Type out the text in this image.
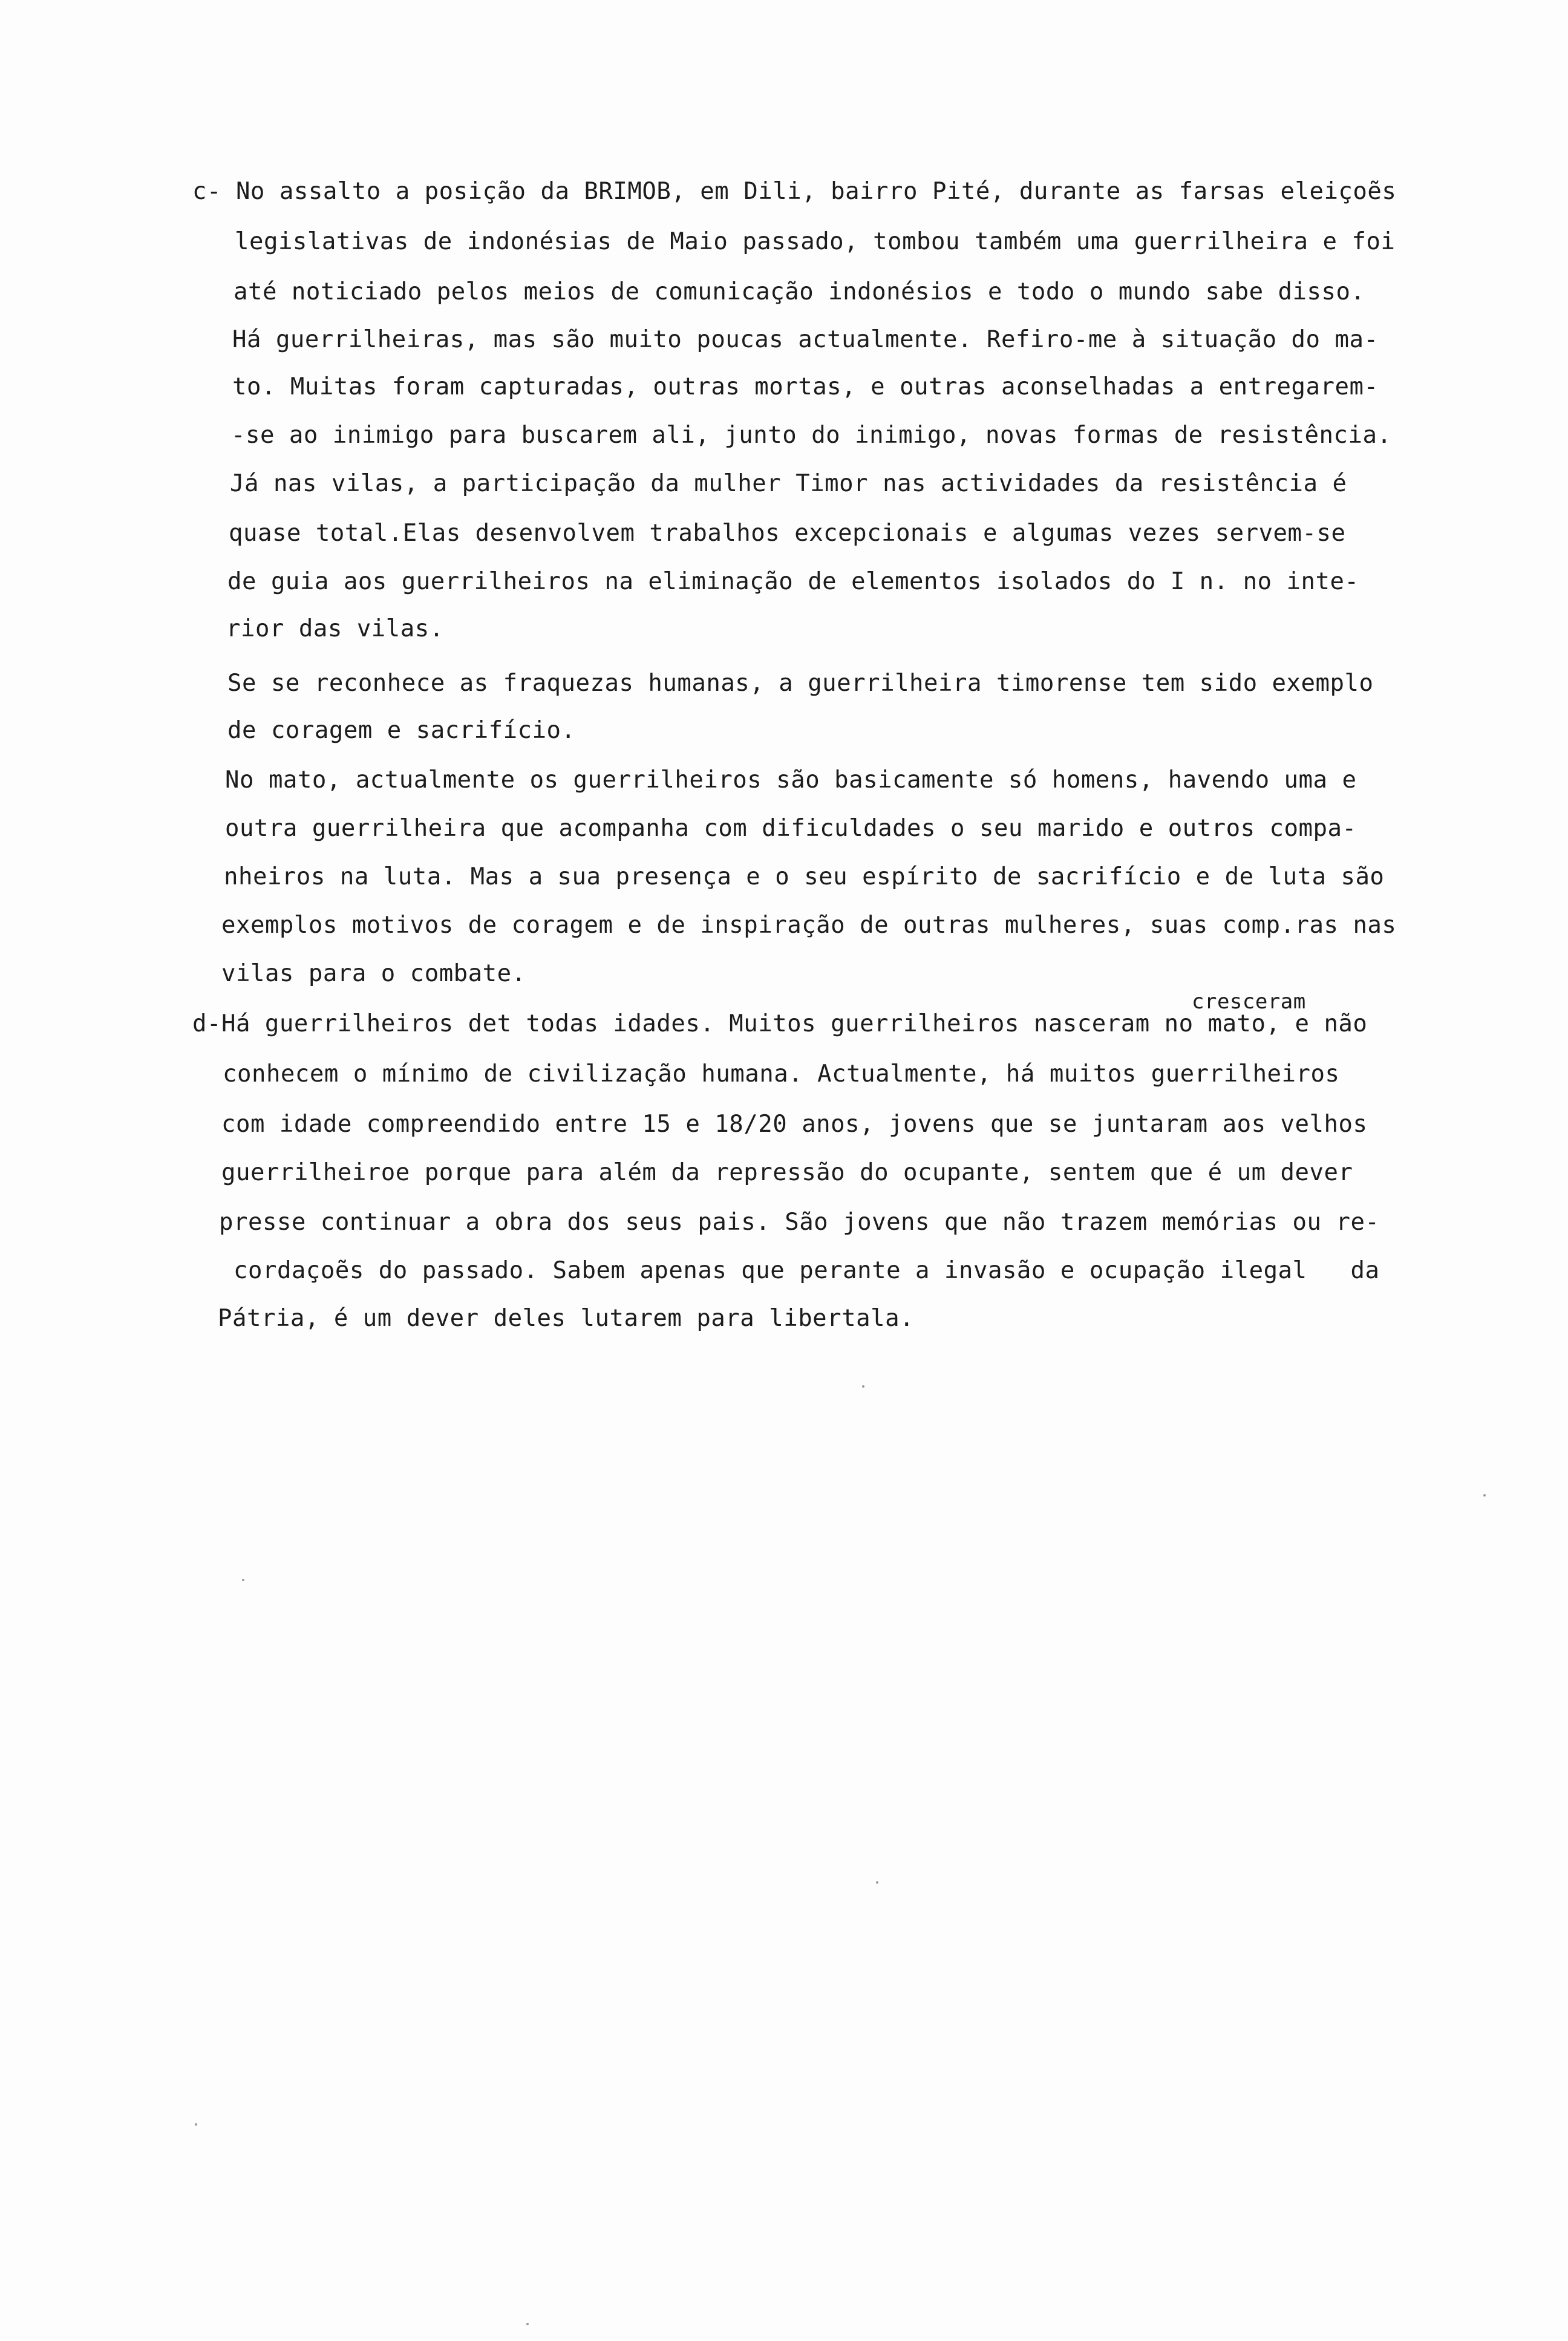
c- No assalto a posição da BRIMOB, em Dili, bairro Pité, durante as farsas eleiçoẽs
legislativas de indonésias de Maio passado, tombou também uma guerrilheira e foi
até noticiado pelos meios de comunicação indonésios e todo o mundo sabe disso.
Há guerrilheiras, mas são muito poucas actualmente. Refiro-me à situação do ma-
to. Muitas foram capturadas, outras mortas, e outras aconselhadas a entregarem-
-se ao inimigo para buscarem ali, junto do inimigo, novas formas de resistência.
Já nas vilas, a participação da mulher Timor nas actividades da resistência é
quase total.Elas desenvolvem trabalhos excepcionais e algumas vezes servem-se
de guia aos guerrilheiros na eliminação de elementos isolados do I n. no inte-
rior das vilas.
Se se reconhece as fraquezas humanas, a guerrilheira timorense tem sido exemplo
de coragem e sacrifício.
No mato, actualmente os guerrilheiros são basicamente só homens, havendo uma e
outra guerrilheira que acompanha com dificuldades o seu marido e outros compa-
nheiros na luta. Mas a sua presença e o seu espírito de sacrifício e de luta são
exemplos motivos de coragem e de inspiração de outras mulheres, suas comp.ras nas
vilas para o combate.
cresceram
d-Há guerrilheiros det todas idades. Muitos guerrilheiros nasceram no mato, e não
conhecem o mínimo de civilização humana. Actualmente, há muitos guerrilheiros
com idade compreendido entre 15 e 18/20 anos, jovens que se juntaram aos velhos
guerrilheiroe porque para além da repressão do ocupante, sentem que é um dever
presse continuar a obra dos seus pais. São jovens que não trazem memórias ou re-
cordaçoẽs do passado. Sabem apenas que perante a invasão e ocupação ilegal   da
Pátria, é um dever deles lutarem para libertala.
